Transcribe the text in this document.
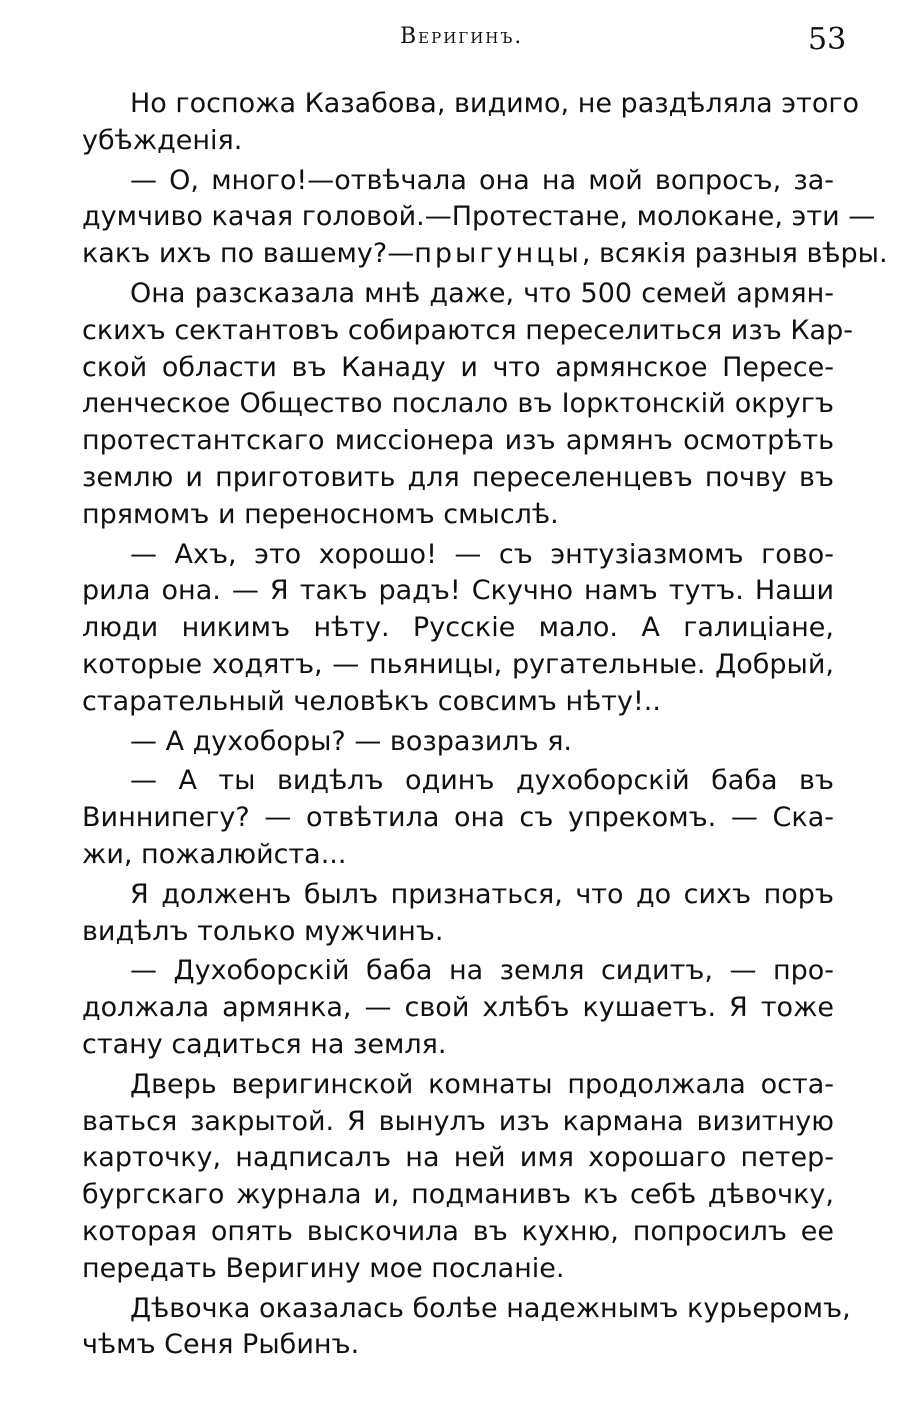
Веригинъ.	53
Но госпожа Казабова, видимо, не раздѣляла этого
убѣжденія.
— О, много!—отвѣчала она на мой вопросъ, за-
думчиво качая головой.—Протестане, молокане, эти —
какъ ихъ по вашему?—прыгунцы, всякія разныя вѣры.
Она разсказала мнѣ даже, что 500 семей армян-
скихъ сектантовъ собираются переселиться изъ Кар-
ской области въ Канаду и что армянское Пересе-
ленческое Общество послало въ Іорктонскій округъ
протестантскаго миссіонера изъ армянъ осмотрѣть
землю и приготовить для переселенцевъ почву въ
прямомъ и переносномъ смыслѣ.
— Ахъ, это хорошо! — съ энтузіазмомъ гово-
рила она. — Я такъ радъ! Скучно намъ тутъ. Наши
люди никимъ нѣту. Русскіе мало. А галиціане,
которые ходятъ, — пьяницы, ругательные. Добрый,
старательный человѣкъ совсимъ нѣту!..
— А духоборы? — возразилъ я.
— А ты видѣлъ одинъ духоборскій баба въ
Виннипегу? — отвѣтила она съ упрекомъ. — Ска-
жи, пожалюйста...
Я долженъ былъ признаться, что до сихъ поръ
видѣлъ только мужчинъ.
— Духоборскій баба на земля сидитъ, — про-
должала армянка, — свой хлѣбъ кушаетъ. Я тоже
стану садиться на земля.
Дверь веригинской комнаты продолжала оста-
ваться закрытой. Я вынулъ изъ кармана визитную
карточку, надписалъ на ней имя хорошаго петер-
бургскаго журнала и, подманивъ къ себѣ дѣвочку,
которая опять выскочила въ кухню, попросилъ ее
передать Веригину мое посланіе.
Дѣвочка оказалась болѣе надежнымъ курьеромъ,
чѣмъ Сеня Рыбинъ.
